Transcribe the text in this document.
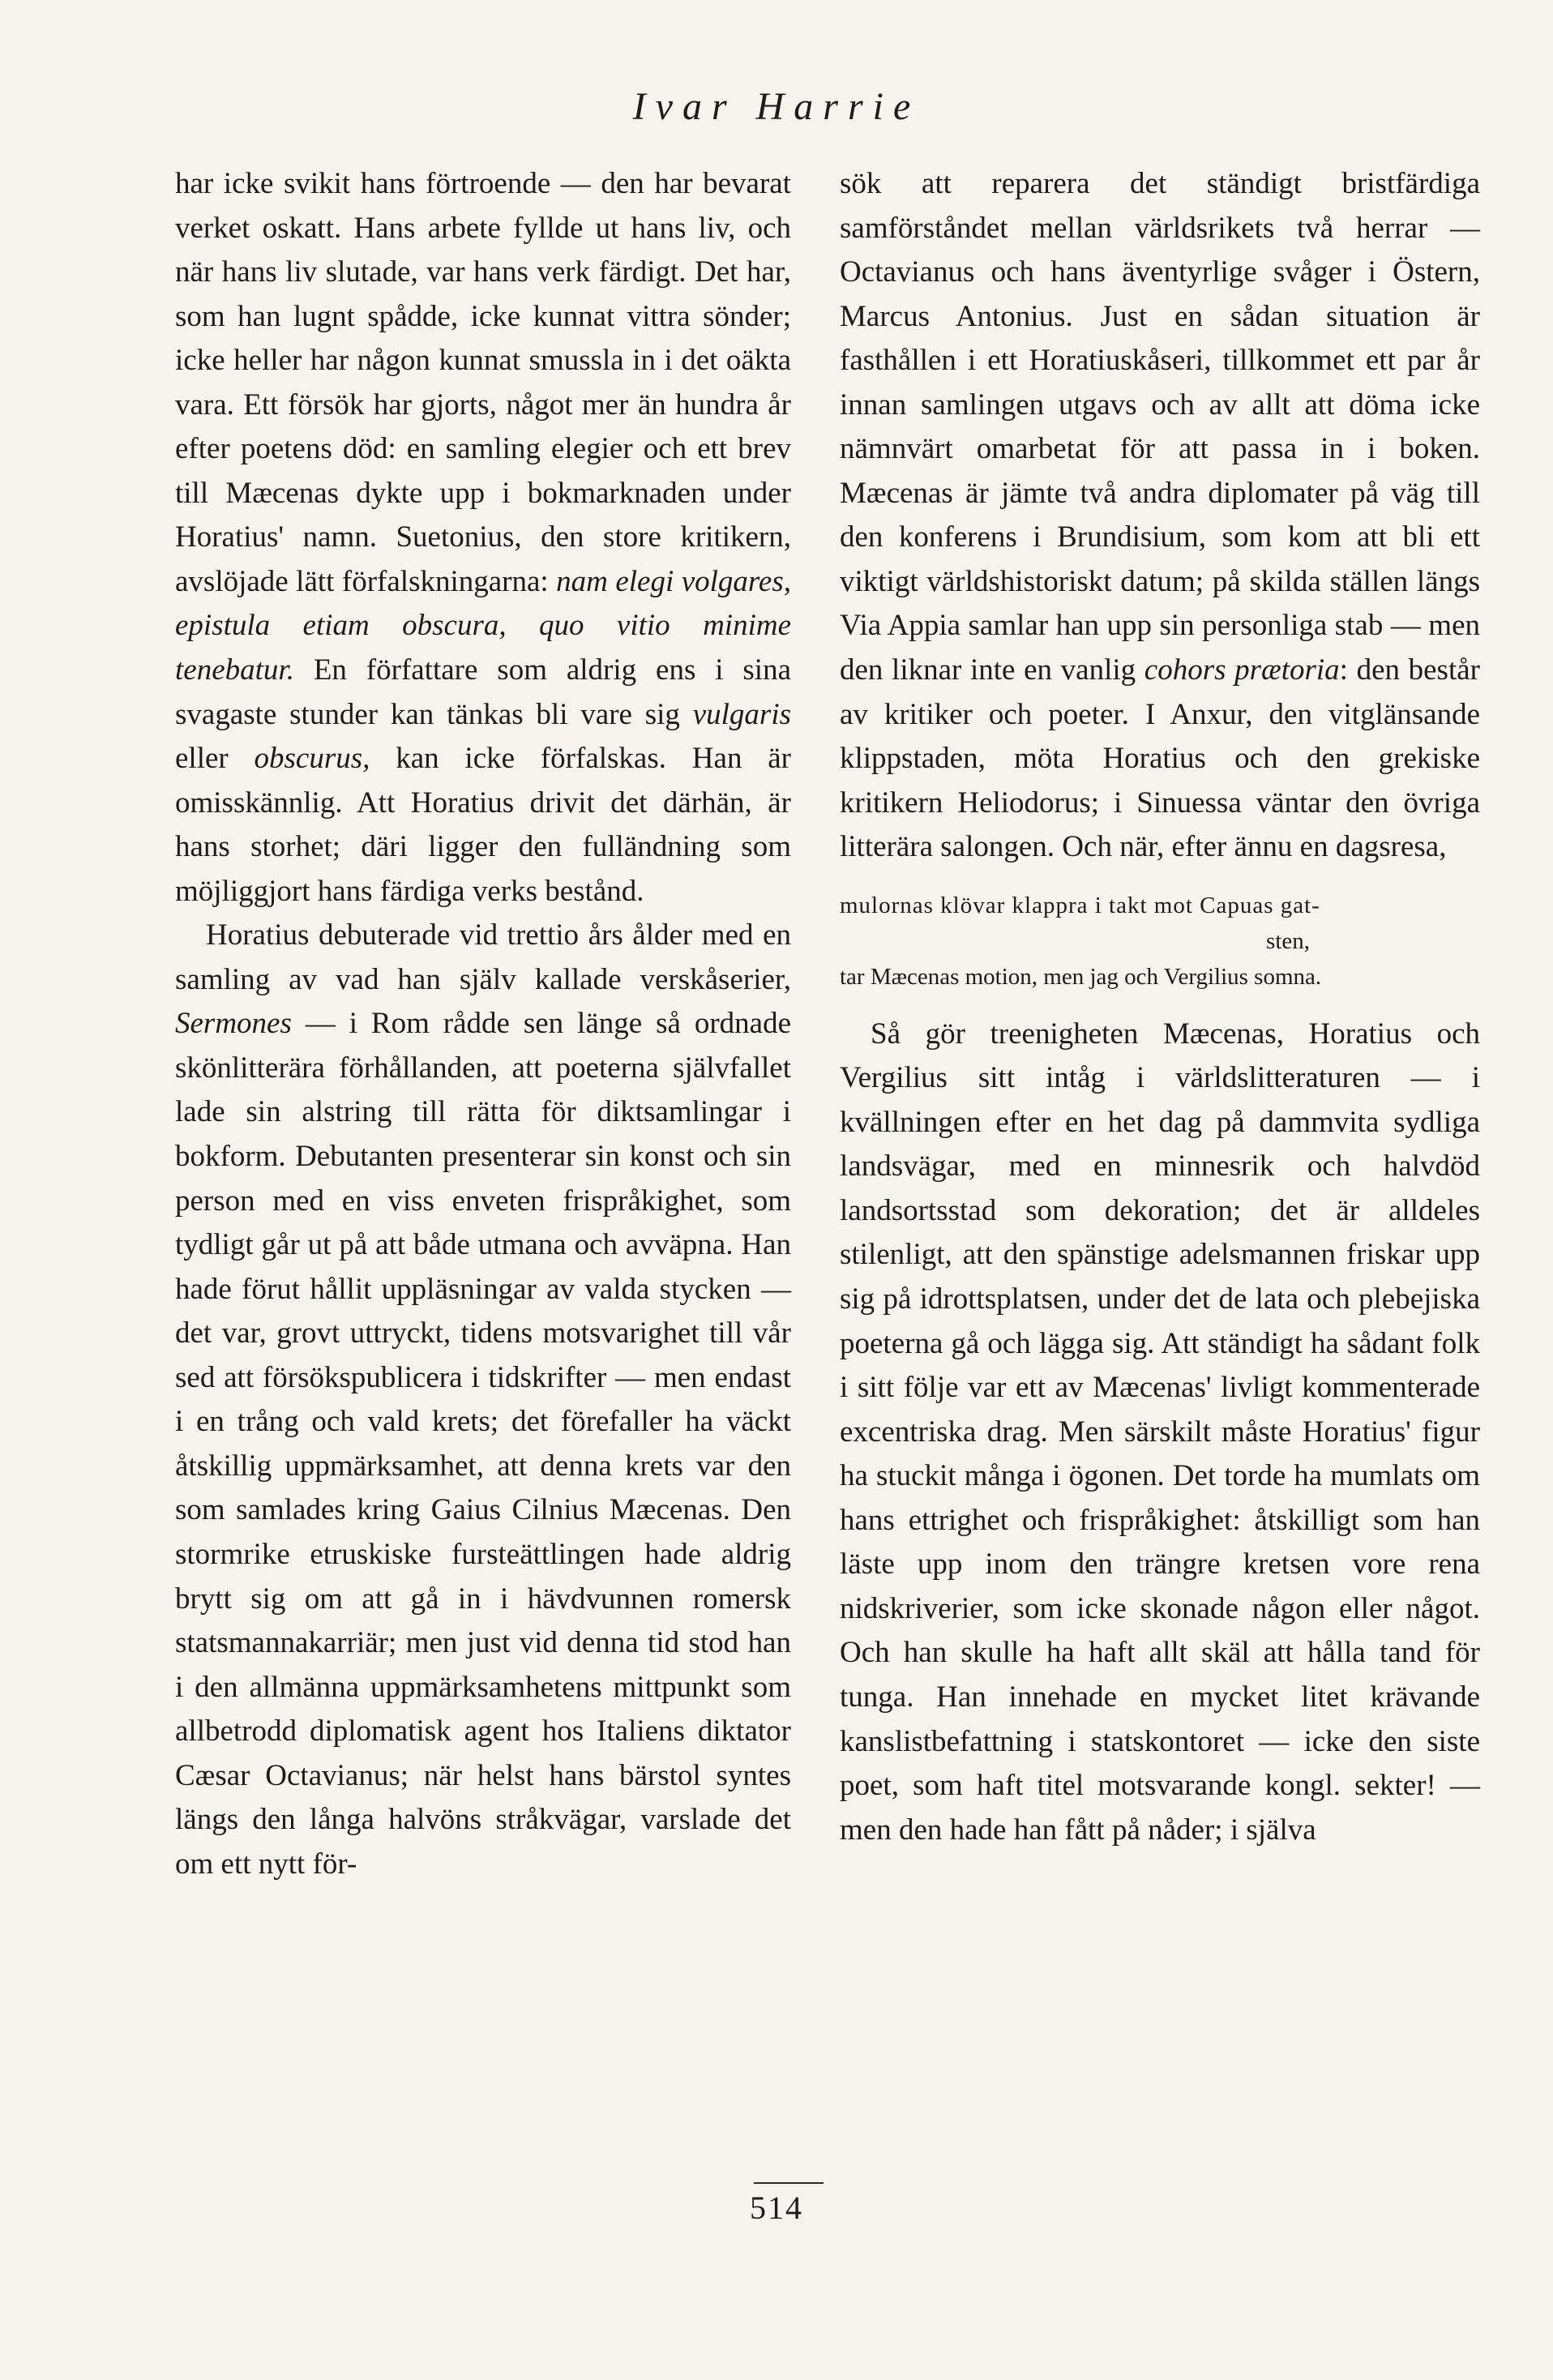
Ivar Harrie

har icke svikit hans förtroende — den har bevarat verket oskatt. Hans arbete fyllde ut hans liv, och när hans liv slutade, var hans verk färdigt. Det har, som han lugnt spådde, icke kunnat vittra sönder; icke heller har någon kunnat smussla in i det oäkta vara. Ett försök har gjorts, något mer än hundra år efter poetens död: en samling elegier och ett brev till Mæcenas dykte upp i bokmarknaden under Horatius' namn. Suetonius, den store kritikern, avslöjade lätt förfalskningarna: nam elegi volgares, epistula etiam obscura, quo vitio minime tenebatur. En författare som aldrig ens i sina svagaste stunder kan tänkas bli vare sig vulgaris eller obscurus, kan icke förfalskas. Han är omisskännlig. Att Horatius drivit det därhän, är hans storhet; däri ligger den fulländning som möjliggjort hans färdiga verks bestånd.

Horatius debuterade vid trettio års ålder med en samling av vad han själv kallade verskåserier, Sermones — i Rom rådde sen länge så ordnade skönlitterära förhållanden, att poeterna självfallet lade sin alstring till rätta för diktsamlingar i bokform. Debutanten presenterar sin konst och sin person med en viss enveten frispråkighet, som tydligt går ut på att både utmana och avväpna. Han hade förut hållit uppläsningar av valda stycken — det var, grovt uttryckt, tidens motsvarighet till vår sed att försökspublicera i tidskrifter — men endast i en trång och vald krets; det förefaller ha väckt åtskillig uppmärksamhet, att denna krets var den som samlades kring Gaius Cilnius Mæcenas. Den stormrike etruskiske fursteättlingen hade aldrig brytt sig om att gå in i hävdvunnen romersk statsmannakarriär; men just vid denna tid stod han i den allmänna uppmärksamhetens mittpunkt som allbetrodd diplomatisk agent hos Italiens diktator Cæsar Octavianus; när helst hans bärstol syntes längs den långa halvöns stråkvägar, varslade det om ett nytt för-

sök att reparera det ständigt bristfärdiga samförståndet mellan världsrikets två herrar — Octavianus och hans äventyrlige svåger i Östern, Marcus Antonius. Just en sådan situation är fasthållen i ett Horatiuskåseri, tillkommet ett par år innan samlingen utgavs och av allt att döma icke nämnvärt omarbetat för att passa in i boken. Mæcenas är jämte två andra diplomater på väg till den konferens i Brundisium, som kom att bli ett viktigt världshistoriskt datum; på skilda ställen längs Via Appia samlar han upp sin personliga stab — men den liknar inte en vanlig cohors prætoria: den består av kritiker och poeter. I Anxur, den vitglänsande klippstaden, möta Horatius och den grekiske kritikern Heliodorus; i Sinuessa väntar den övriga litterära salongen. Och när, efter ännu en dagsresa,

mulornas klövar klappra i takt mot Capuas gat-
sten,
tar Mæcenas motion, men jag och Vergilius somna.

Så gör treenigheten Mæcenas, Horatius och Vergilius sitt intåg i världslitteraturen — i kvällningen efter en het dag på dammvita sydliga landsvägar, med en minnesrik och halvdöd landsortsstad som dekoration; det är alldeles stilenligt, att den spänstige adelsmannen friskar upp sig på idrottsplatsen, under det de lata och plebejiska poeterna gå och lägga sig. Att ständigt ha sådant folk i sitt följe var ett av Mæcenas' livligt kommenterade excentriska drag. Men särskilt måste Horatius' figur ha stuckit många i ögonen. Det torde ha mumlats om hans ettrighet och frispråkighet: åtskilligt som han läste upp inom den trängre kretsen vore rena nidskriverier, som icke skonade någon eller något. Och han skulle ha haft allt skäl att hålla tand för tunga. Han innehade en mycket litet krävande kanslistbefattning i statskontoret — icke den siste poet, som haft titel motsvarande kongl. sekter! — men den hade han fått på nåder; i själva

514
